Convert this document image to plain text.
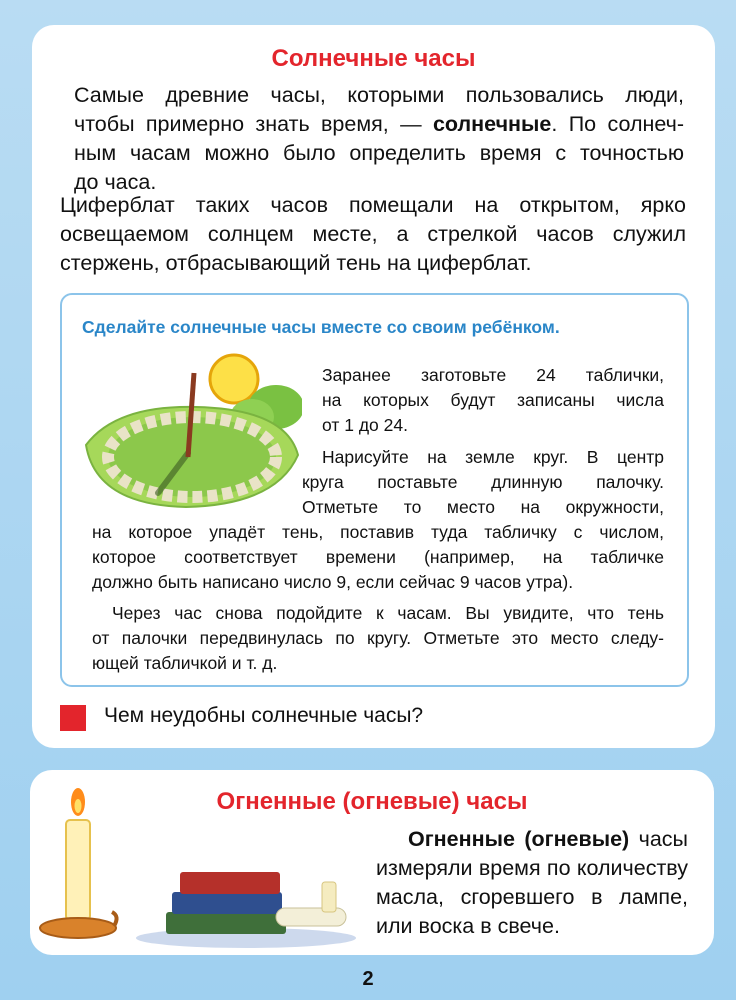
Солнечные часы

Самые древние часы, которыми пользовались люди,
чтобы примерно знать время, — солнечные. По солнеч-
ным часам можно было определить время с точностью
до часа.

Циферблат таких часов помещали на открытом, ярко
освещаемом солнцем месте, а стрелкой часов служил
стержень, отбрасывающий тень на циферблат.

Сделайте солнечные часы вместе со своим ребёнком.

Заранее заготовьте 24 таблички,
на которых будут записаны числа
от 1 до 24.

Нарисуйте на земле круг. В центр
круга поставьте длинную палочку.
Отметьте то место на окружности,

на которое упадёт тень, поставив туда табличку с числом,
которое соответствует времени (например, на табличке
должно быть написано число 9, если сейчас 9 часов утра).

Через час снова подойдите к часам. Вы увидите, что тень
от палочки передвинулась по кругу. Отметьте это место следу-
ющей табличкой и т. д.

Чем неудобны солнечные часы?

Огненные (огневые) часы

Огненные (огневые) часы
измеряли время по количеству
масла, сгоревшего в лампе,
или воска в свече.

2
